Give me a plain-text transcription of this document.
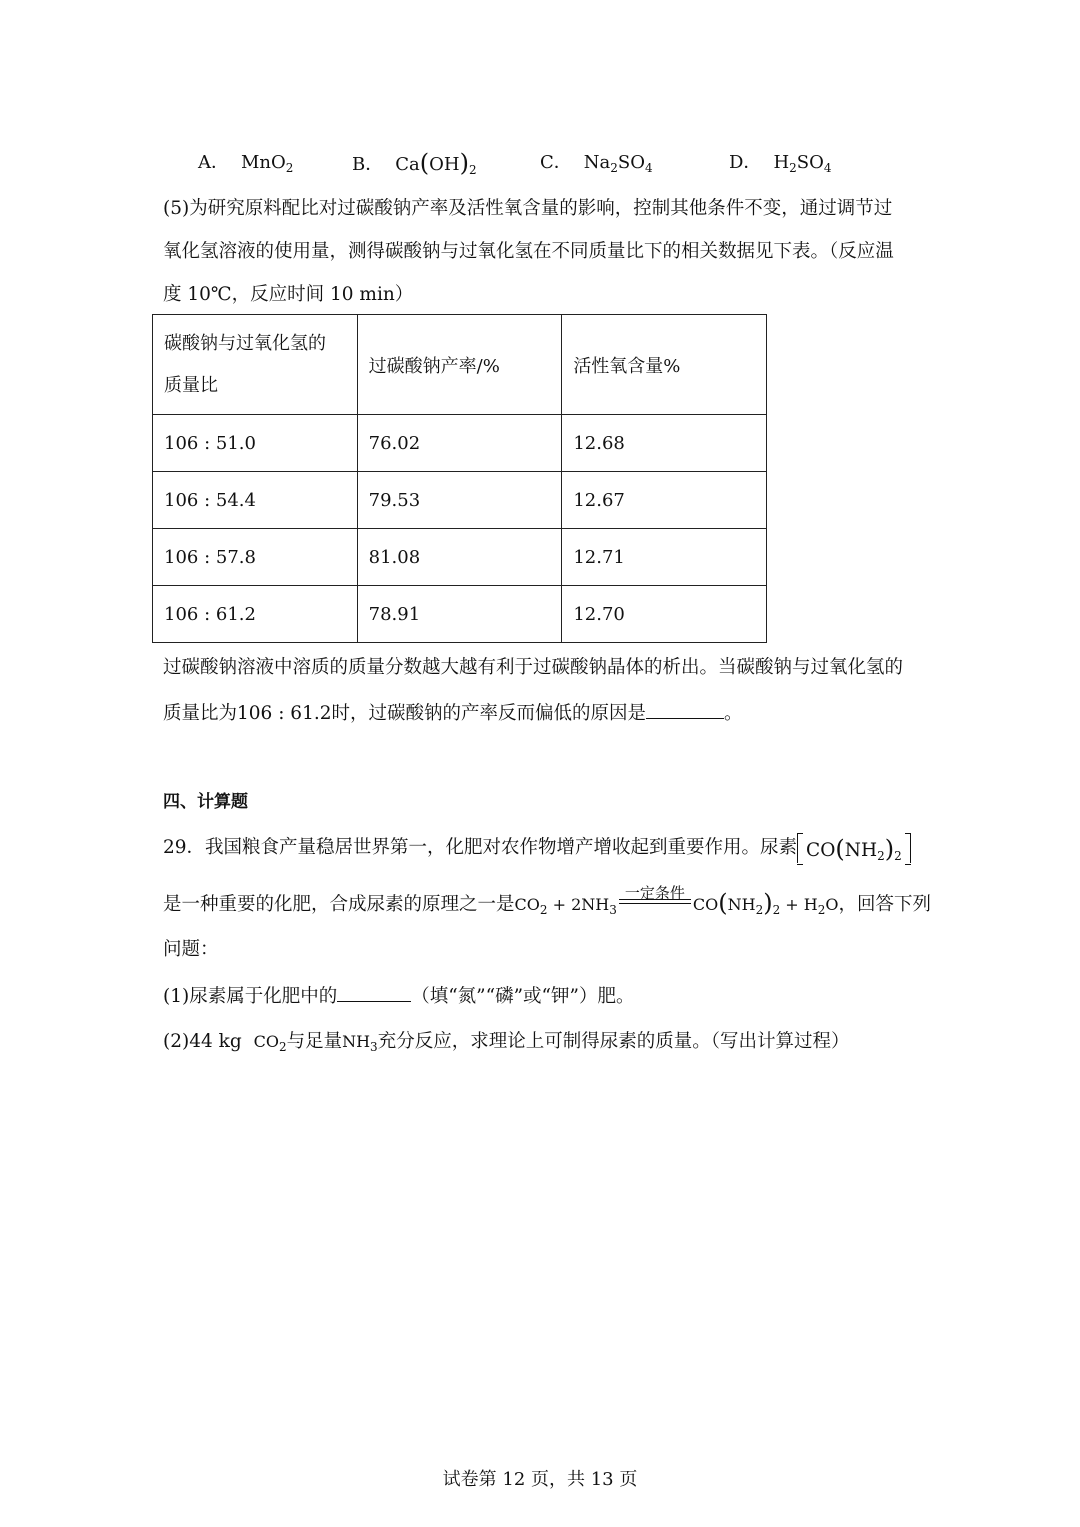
A． MnO$_2$	B． $Ca(OH)_2$	C． $Na_2SO_4$	D． $H_2SO_4$
(5)为研究原料配比对过碳酸钠产率及活性氧含量的影响，控制其他条件不变，通过调节过
氧化氢溶液的使用量，测得碳酸钠与过氧化氢在不同质量比下的相关数据见下表。（反应温
度 10℃，反应时间 10 min）
碳酸钠与过氧化氢的
质量比	过碳酸钠产率/%	活性氧含量%
106 : 51.0	76.02	12.68
106 : 54.4	79.53	12.67
106 : 57.8	81.08	12.71
106 : 61.2	78.91	12.70
过碳酸钠溶液中溶质的质量分数越大越有利于过碳酸钠晶体的析出。当碳酸钠与过氧化氢的
质量比为106 : 61.2时，过碳酸钠的产率反而偏低的原因是	。
四、计算题
29．我国粮食产量稳居世界第一，化肥对农作物增产增收起到重要作用。尿素 $CO(NH_2)_2$
是一种重要的化肥，合成尿素的原理之一是$CO_2 + 2NH_3$
一定条件
$CO(NH_2)_2 + H_2O$，回答下列
问题：
(1)尿素属于化肥中的	（填“氮”“磷”或“钾”）肥。
(2)44 kg $CO_2$与足量$NH_3$充分反应，求理论上可制得尿素的质量。（写出计算过程）
试卷第 12 页，共 13 页
